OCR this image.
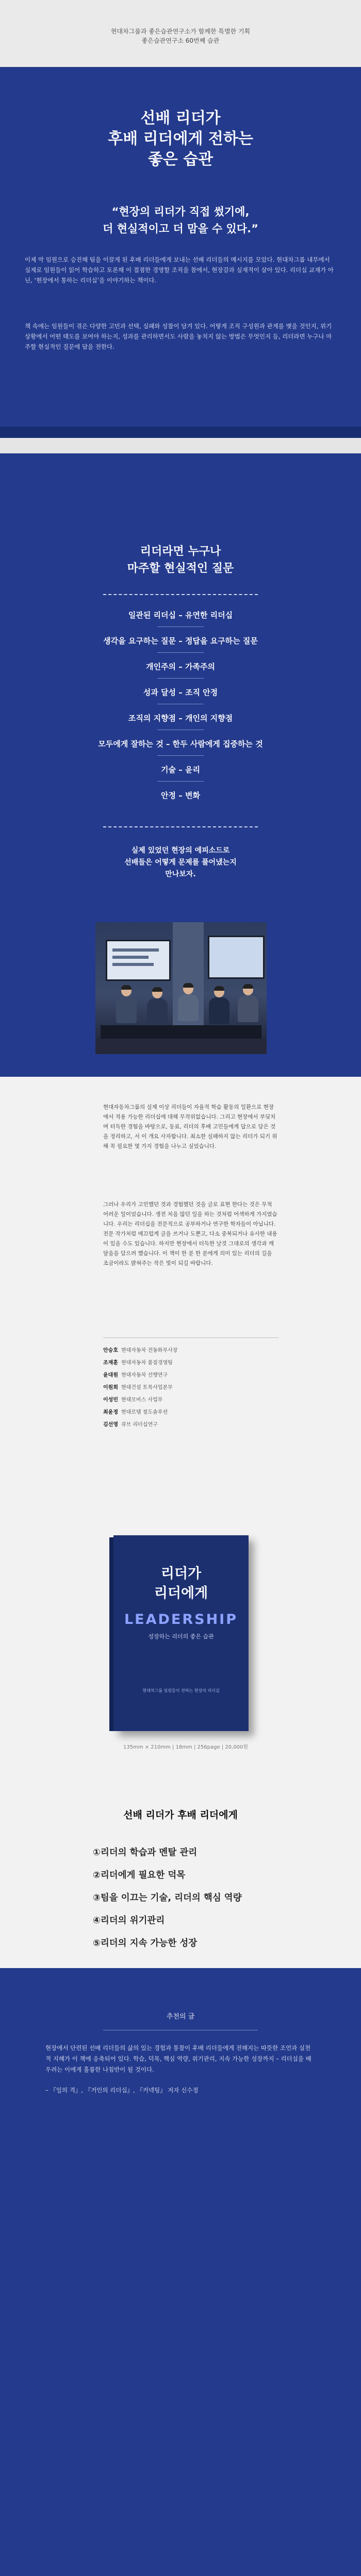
현대차그룹과 좋은습관연구소가 함께한 특별한 기획
좋은습관연구소 60번째 습관
선배 리더가
후배 리더에게 전하는
좋은 습관
“현장의 리더가 직접 썼기에,
더 현실적이고 더 맘을 수 있다.”
이제 막 임원으로 승진해 팀을 이끌게 된 후배 리더들에게 보내는 선배 리더들의 메시지를 모았다. 현대차그룹 내부에서 실제로 임원들이 읽어 학습하고 토론해 이 접점한 경영할 조직을 참에서, 현장감과 실재적이 살아 있다. 리더십 교재가 아닌, ‘현장에서 통하는 리더십’을 이야기하는 책이다.
책 속에는 임원들이 겪은 다양한 고민과 선택, 실패와 성찰이 담겨 있다. 어떻게 조직 구성원과 관계를 맺을 것인지, 위기 상황에서 어떤 태도를 보여야 하는지, 성과를 관리하면서도 사람을 놓치지 않는 방법은 무엇인지 등, 리더라면 누구나 마주할 현실적인 질문에 답을 전한다.
리더라면 누구나
마주할 현실적인 질문
일관된 리더십 – 유연한 리더십
생각을 요구하는 질문 – 정답을 요구하는 질문
개인주의 – 가족주의
성과 달성 – 조직 안정
조직의 지향점 – 개인의 지향점
모두에게 잘하는 것 – 한두 사람에게 집중하는 것
기술 – 윤리
안정 – 변화
실제 있었던 현장의 에피소드로
선배들은 어떻게 문제를 풀어냈는지
만나보자.
현대자동차그룹의 실제 이상 리더들이 자율적 학습 활동의 일환으로 현장에서 적용 가능한 리더십에 대해 무작위없습니다. 그리고 현장에서 부딪치며 터득한 경험을 바탕으로, 동료, 리더의 후배 고민들에게 답으로 담은 것을 정리하고, 서 이 개요 사자합니다. 최소한 실패하지 않는 리더가 되기 위해 꼭 필요한 몇 가지 경험을 나누고 싶었습니다.
그러나 우리가 고민했던 것과 경험했던 것을 글로 표현 한다는 것은 무척 어려운 일이었습니다. 생전 처음 많던 일을 하는 것처럼 어색하게 가지였습니다. 우리는 리더십을 전문적으로 공부하거나 연구한 학자들이 아닙니다. 전문 작가처럼 매끄럽게 글을 쓰거나 도뿐고, 다소 중복되거나 유사한 내용이 있을 수도 있습니다. 하지만 현장에서 터득한 날것 그대로의 생각과 깨달음을 담으려 했습니다. 이 책이 한 분 한 분에게 의미 있는 리더의 길을 조금이라도 밝혀주는 작은 빛이 되길 바랍니다.
안승호 현대자동차 전동화부사장
조재훈 현대자동차 품질경영팀
윤대원 현대자동차 선행연구
이원희 현대건설 토목사업본부
이성민 현대모비스 사업부
최윤정 현대로템 철도솔루션
김선영 큐브 리더십연구
리더가
리더에게
LEADERSHIP
성장하는 리더의 좋은 습관
현대차그룹 임원들이 전하는 현장의 리더십
135mm × 210mm | 18mm | 256page | 20,000원
선배 리더가 후배 리더에게
①리더의 학습과 멘탈 관리
②리더에게 필요한 덕목
③팀을 이끄는 기술, 리더의 핵심 역량
④리더의 위기관리
⑤리더의 지속 가능한 성장
추천의 글
현장에서 단련된 선배 리더들의 삶의 있는 경험과 통찰이 후배 리더들에게 전해지는 따뜻한 조언과 실천적 지혜가 이 책에 응축되어 있다. 학습, 덕목, 핵심 역량, 위기관리, 지속 가능한 성장까지 – 리더십을 배우려는 이에게 훌륭한 나침반이 될 것이다.
– 『일의 격』, 『거인의 리더십』, 『커넥팅』 저자 신수정
